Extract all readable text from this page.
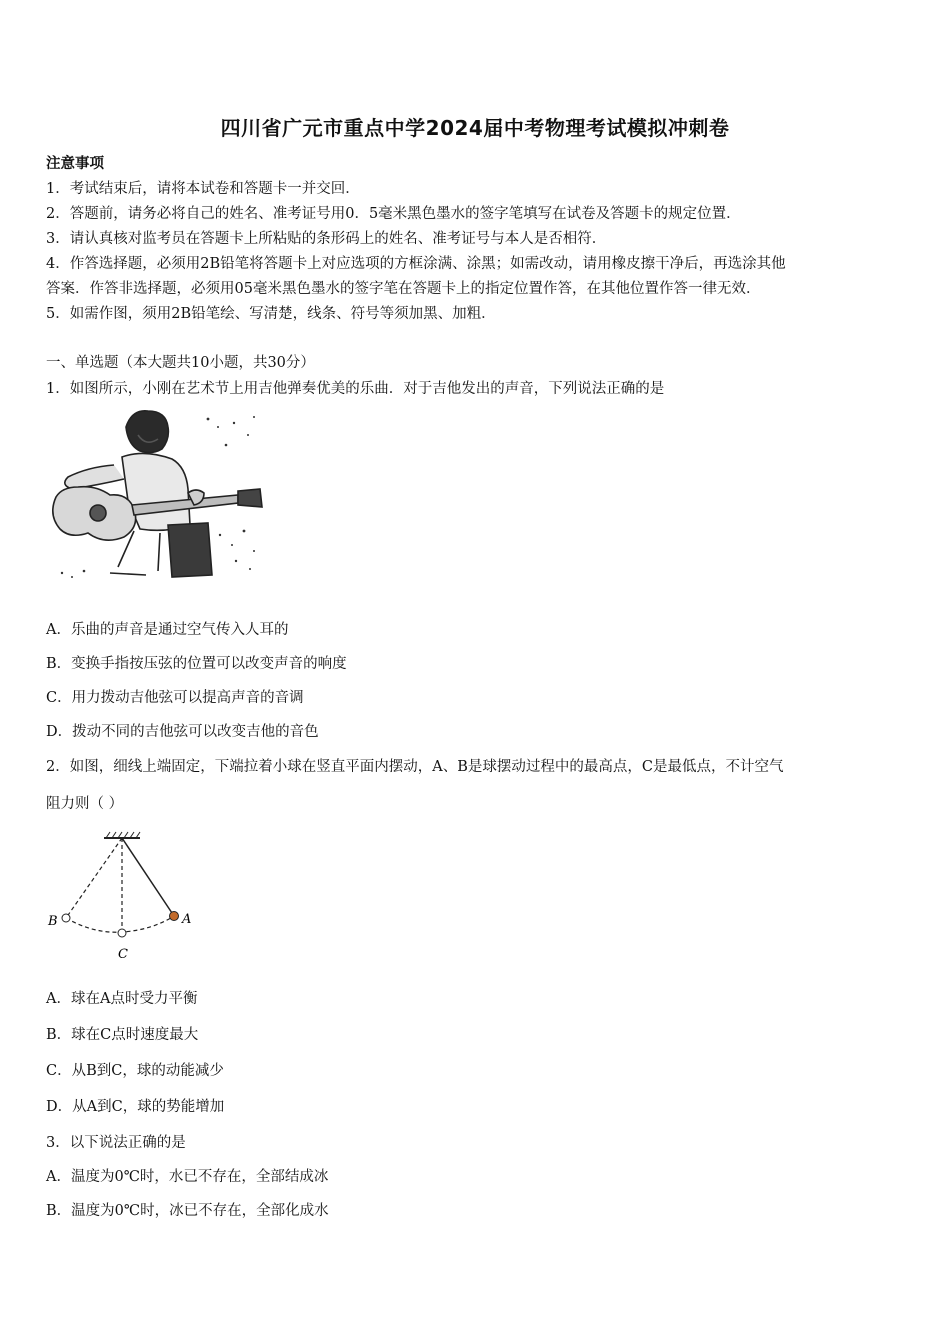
四川省广元市重点中学2024届中考物理考试模拟冲刺卷
注意事项
1．考试结束后，请将本试卷和答题卡一并交回．
2．答题前，请务必将自己的姓名、准考证号用0．5毫米黑色墨水的签字笔填写在试卷及答题卡的规定位置．
3．请认真核对监考员在答题卡上所粘贴的条形码上的姓名、准考证号与本人是否相符．
4．作答选择题，必须用2B铅笔将答题卡上对应选项的方框涂满、涂黑；如需改动，请用橡皮擦干净后，再选涂其他
答案．作答非选择题，必须用05毫米黑色墨水的签字笔在答题卡上的指定位置作答，在其他位置作答一律无效．
5．如需作图，须用2B铅笔绘、写清楚，线条、符号等须加黑、加粗．
一、单选题（本大题共10小题，共30分）
1．如图所示，小刚在艺术节上用吉他弹奏优美的乐曲．对于吉他发出的声音，下列说法正确的是
A．乐曲的声音是通过空气传入人耳的
B．变换手指按压弦的位置可以改变声音的响度
C．用力拨动吉他弦可以提高声音的音调
D．拨动不同的吉他弦可以改变吉他的音色
2．如图，细线上端固定，下端拉着小球在竖直平面内摆动，A、B是球摆动过程中的最高点，C是最低点，不计空气
阻力则（ ）
A
B
C
A．球在A点时受力平衡
B．球在C点时速度最大
C．从B到C，球的动能减少
D．从A到C，球的势能增加
3．以下说法正确的是
A．温度为0℃时，水已不存在，全部结成冰
B．温度为0℃时，冰已不存在，全部化成水
